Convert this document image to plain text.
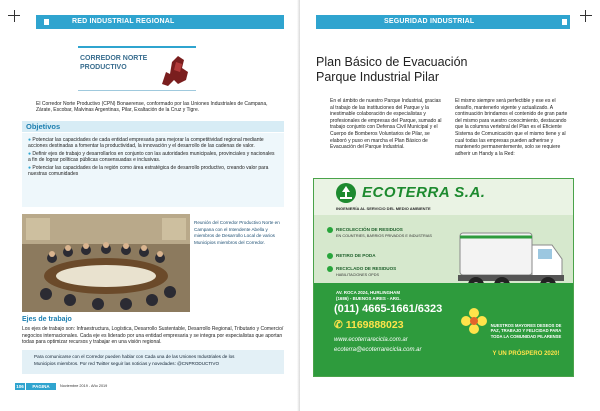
RED INDUSTRIAL REGIONAL
CORREDOR NORTE
PRODUCTIVO
El Corredor Norte Productivo (CPN) Bonaerense, conformado por las Uniones Industriales de Campana, Zárate, Escobar, Malvinas Argentinas, Pilar, Exaltación de la Cruz y Tigre.
Objetivos

● Potenciar las capacidades de cada entidad empresaria para mejorar la competitividad regional mediante acciones destinadas a fomentar la productividad, la innovación y el desarrollo de las cadenas de valor.

● Definir ejes de trabajo y desarrollarlos en conjunto con las autoridades municipales, provinciales y nacionales a fin de lograr políticas públicas consensuadas e inclusivas.

● Potenciar las capacidades de la región como área estratégica de desarrollo productivo, creando valor para nuestras comunidades

Reunión del Corredor Productivo Norte en Campana con el Intendente Abella y miembros de Desarrollo Local de varios Municipios miembros del Corredor.
Ejes de trabajo
Los ejes de trabajo son: Infraestructura, Logística, Desarrollo Sustentable, Desarrollo Regional, Tributario y Comercio/ negocios internacionales. Cada eje es liderado por una entidad empresaria y se integra por especialistas que aportan todas para optimizar recursos y trabajar en una visión regional.
Para comunicarse con el Corredor pueden hablar con Cada una de las Uniones Industriales de los
Municipios miembros. Por red Twitter seguir las noticias y novedades: @CNPRODUCTIVO
106	PAGINA	Noviembre 2019 - Año 2019
SEGURIDAD INDUSTRIAL
Plan Básico de Evacuación
Parque Industrial Pilar
En el ámbito de nuestro Parque Industrial, gracias al trabajo de las instituciones del Parque y la inestimable colaboración de especialistas y profesionales de empresas del Parque, sumado al trabajo conjunto con Defensa Civil Municipal y el Cuerpo de Bomberos Voluntarios de Pilar, se elaboró y puso en marcha el Plan Básico de Evacuación del Parque Industrial.
El mismo siempre será perfectible y ese es el desafío, mantenerlo vigente y actualizado. A continuación brindamos el contenido de gran parte del mismo para vuestro conocimiento, destacando que la columna vertebral del Plan es el Eficiente Sistema de Comunicación que el mismo tiene y al cual todas las empresas pueden adherirse y mantenerlo permanentemente, solo se requiere adherir un Handy a la Red:
ECOTERRA S.A.
INGENIERÍA AL SERVICIO DEL MEDIO AMBIENTE
RECOLECCIÓN DE RESIDUOS
EN COUNTRIES, BARRIOS PRIVADOS E INDUSTRIAS
RETIRO DE PODA
RECICLADO DE RESIDUOS
HABILITACIONES OPDS
AV. ROCA 2024, HURLINGHAM
(1686) - BUENOS AIRES - ARG.
(011) 4665-1661/6323
✆ 1169888023
www.ecoterrarecicla.com.ar
ecoterra@ecoterrarecicla.com.ar
NUESTROS MAYORES DESEOS DE PAZ, TRABAJO Y FELICIDAD PARA TODA LA COMUNIDAD PILARENSE
Y UN PRÓSPERO 2020!
